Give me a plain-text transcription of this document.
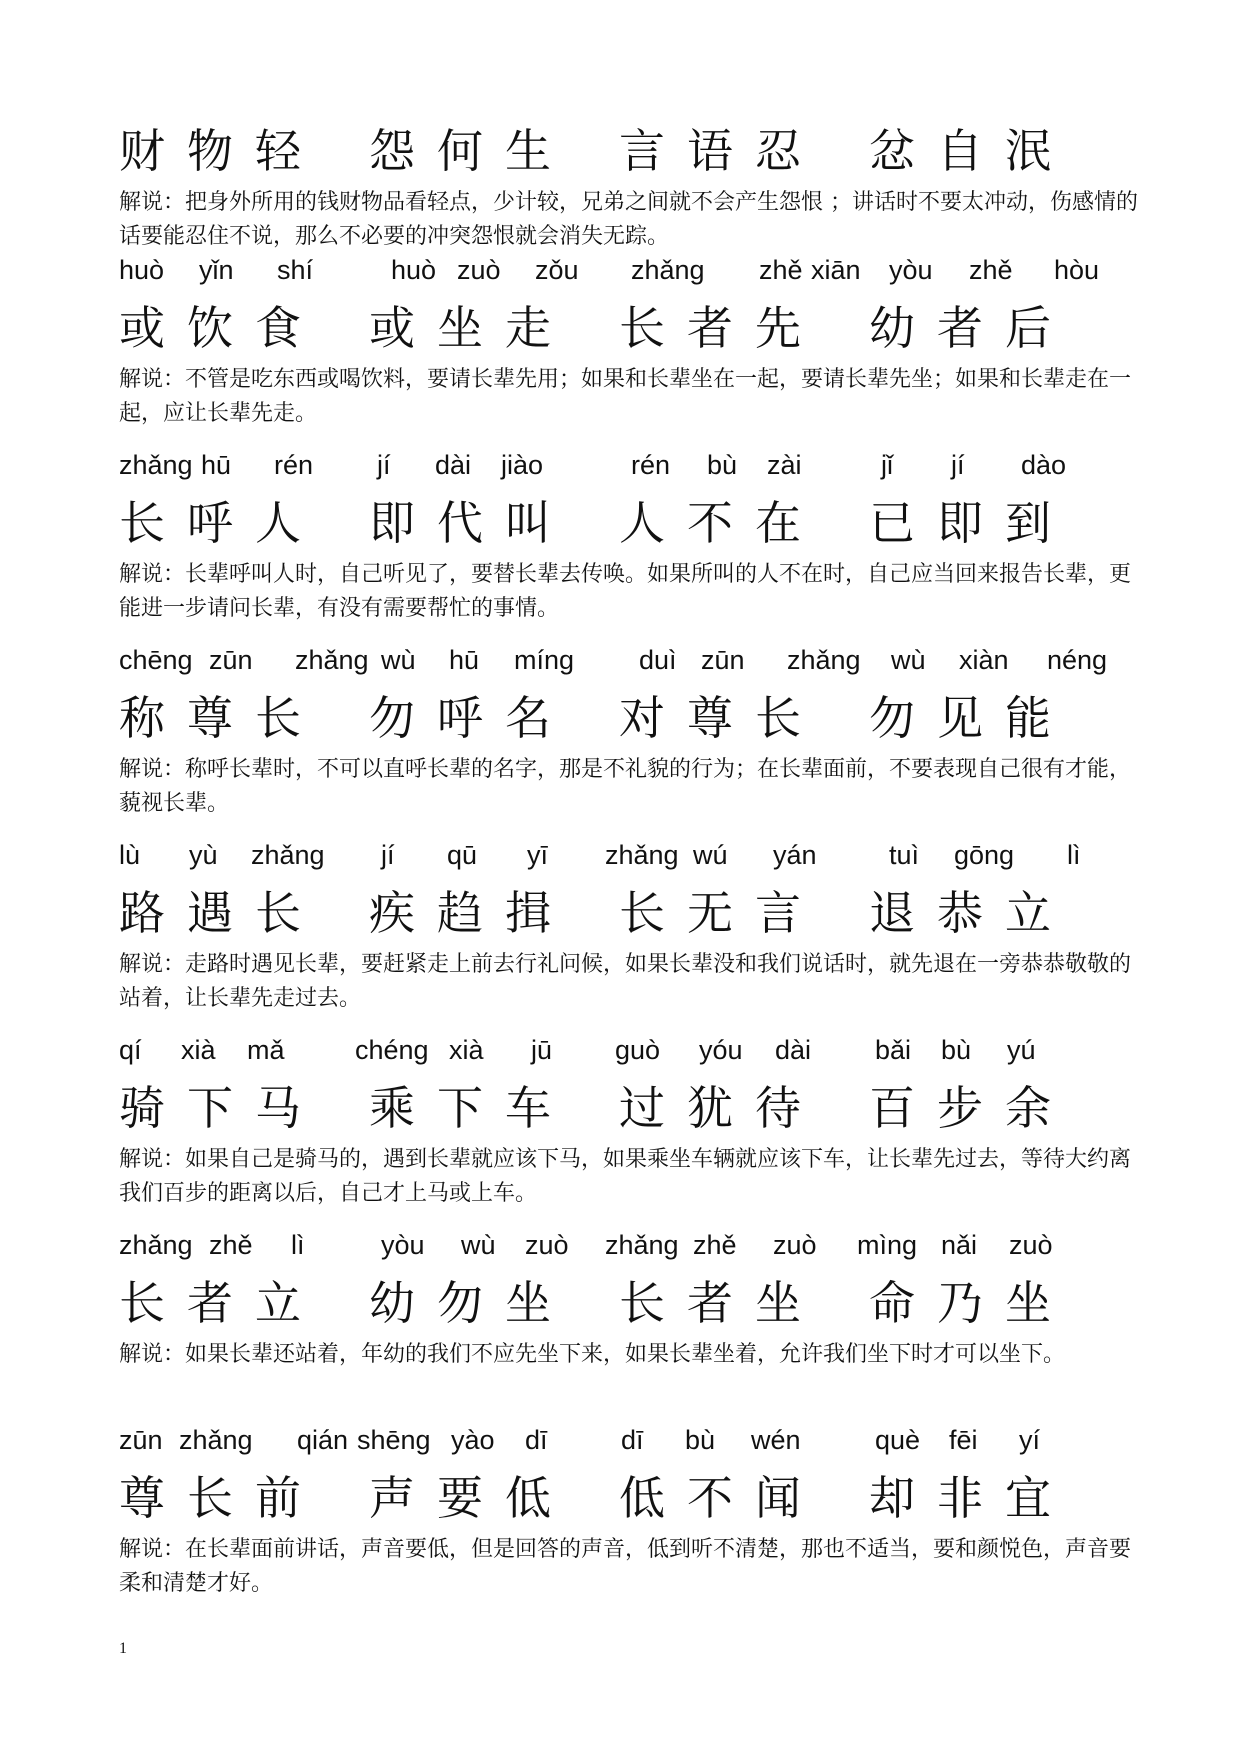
财物轻 怨何生 言语忍 忿自泯
解说：把身外所用的钱财物品看轻点，少计较，兄弟之间就不会产生怨恨 ；讲话时不要太冲动，伤感情的话要能忍住不说，那么不必要的冲突怨恨就会消失无踪。
huò yǐn shí	huò zuò zǒu zhǎng zhě xiān yòu zhě hòu
或饮食 或坐走 长者先 幼者后
解说：不管是吃东西或喝饮料，要请长辈先用；如果和长辈坐在一起，要请长辈先坐；如果和长辈走在一起，应让长辈先走。
zhǎng hū rén jí dài jiào	rén bù zài	jǐ jí dào
长呼人 即代叫 人不在 已即到
解说：长辈呼叫人时，自己听见了，要替长辈去传唤。如果所叫的人不在时，自己应当回来报告长辈，更能进一步请问长辈，有没有需要帮忙的事情。
chēng zūn zhǎng wù hū míng duì zūn zhǎng wù xiàn néng
称尊长 勿呼名 对尊长 勿见能
解说：称呼长辈时，不可以直呼长辈的名字，那是不礼貌的行为；在长辈面前，不要表现自己很有才能，藐视长辈。
lù yù zhǎng jí qū yī zhǎng wú yán	tuì gōng lì
路遇长 疾趋揖 长无言 退恭立
解说：走路时遇见长辈，要赶紧走上前去行礼问候，如果长辈没和我们说话时，就先退在一旁恭恭敬敬的站着，让长辈先走过去。
qí xià mǎ	chéng xià jū guò yóu dài bǎi bù yú
骑下马 乘下车 过犹待 百步余
解说：如果自己是骑马的，遇到长辈就应该下马，如果乘坐车辆就应该下车，让长辈先过去，等待大约离我们百步的距离以后，自己才上马或上车。
zhǎng zhě lì	yòu wù zuò zhǎng zhě zuò mìng nǎi zuò
长者立 幼勿坐 长者坐 命乃坐
解说：如果长辈还站着，年幼的我们不应先坐下来，如果长辈坐着，允许我们坐下时才可以坐下。
zūn zhǎng qián shēng yào dī	dī bù wén	què fēi yí
尊长前 声要低 低不闻 却非宜
解说：在长辈面前讲话，声音要低，但是回答的声音，低到听不清楚，那也不适当，要和颜悦色，声音要柔和清楚才好。
1
